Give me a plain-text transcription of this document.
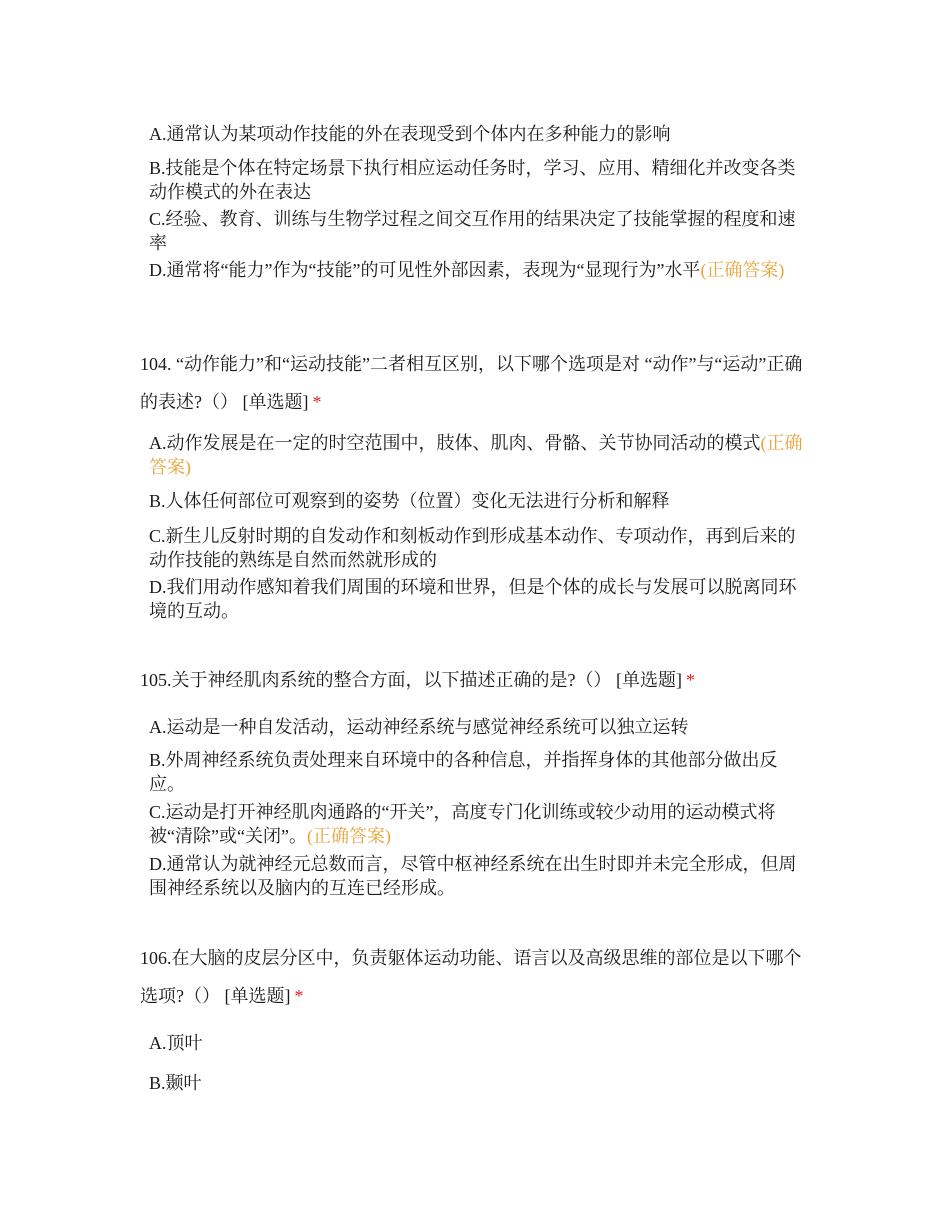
A.通常认为某项动作技能的外在表现受到个体内在多种能力的影响
B.技能是个体在特定场景下执行相应运动任务时，学习、应用、精细化并改变各类动作模式的外在表达
C.经验、教育、训练与生物学过程之间交互作用的结果决定了技能掌握的程度和速率
D.通常将“能力”作为“技能”的可见性外部因素，表现为“显现行为”水平(正确答案)
104. “动作能力”和“运动技能”二者相互区别，以下哪个选项是对 “动作”与“运动”正确的表述?（） [单选题] *
A.动作发展是在一定的时空范围中，肢体、肌肉、骨骼、关节协同活动的模式(正确答案)
B.人体任何部位可观察到的姿势（位置）变化无法进行分析和解释
C.新生儿反射时期的自发动作和刻板动作到形成基本动作、专项动作，再到后来的动作技能的熟练是自然而然就形成的
D.我们用动作感知着我们周围的环境和世界，但是个体的成长与发展可以脱离同环境的互动。
105.关于神经肌肉系统的整合方面，以下描述正确的是?（） [单选题] *
A.运动是一种自发活动，运动神经系统与感觉神经系统可以独立运转
B.外周神经系统负责处理来自环境中的各种信息，并指挥身体的其他部分做出反应。
C.运动是打开神经肌肉通路的“开关”，高度专门化训练或较少动用的运动模式将被“清除”或“关闭”。(正确答案)
D.通常认为就神经元总数而言，尽管中枢神经系统在出生时即并未完全形成，但周围神经系统以及脑内的互连已经形成。
106.在大脑的皮层分区中，负责躯体运动功能、语言以及高级思维的部位是以下哪个选项?（） [单选题] *
A.顶叶
B.颞叶
